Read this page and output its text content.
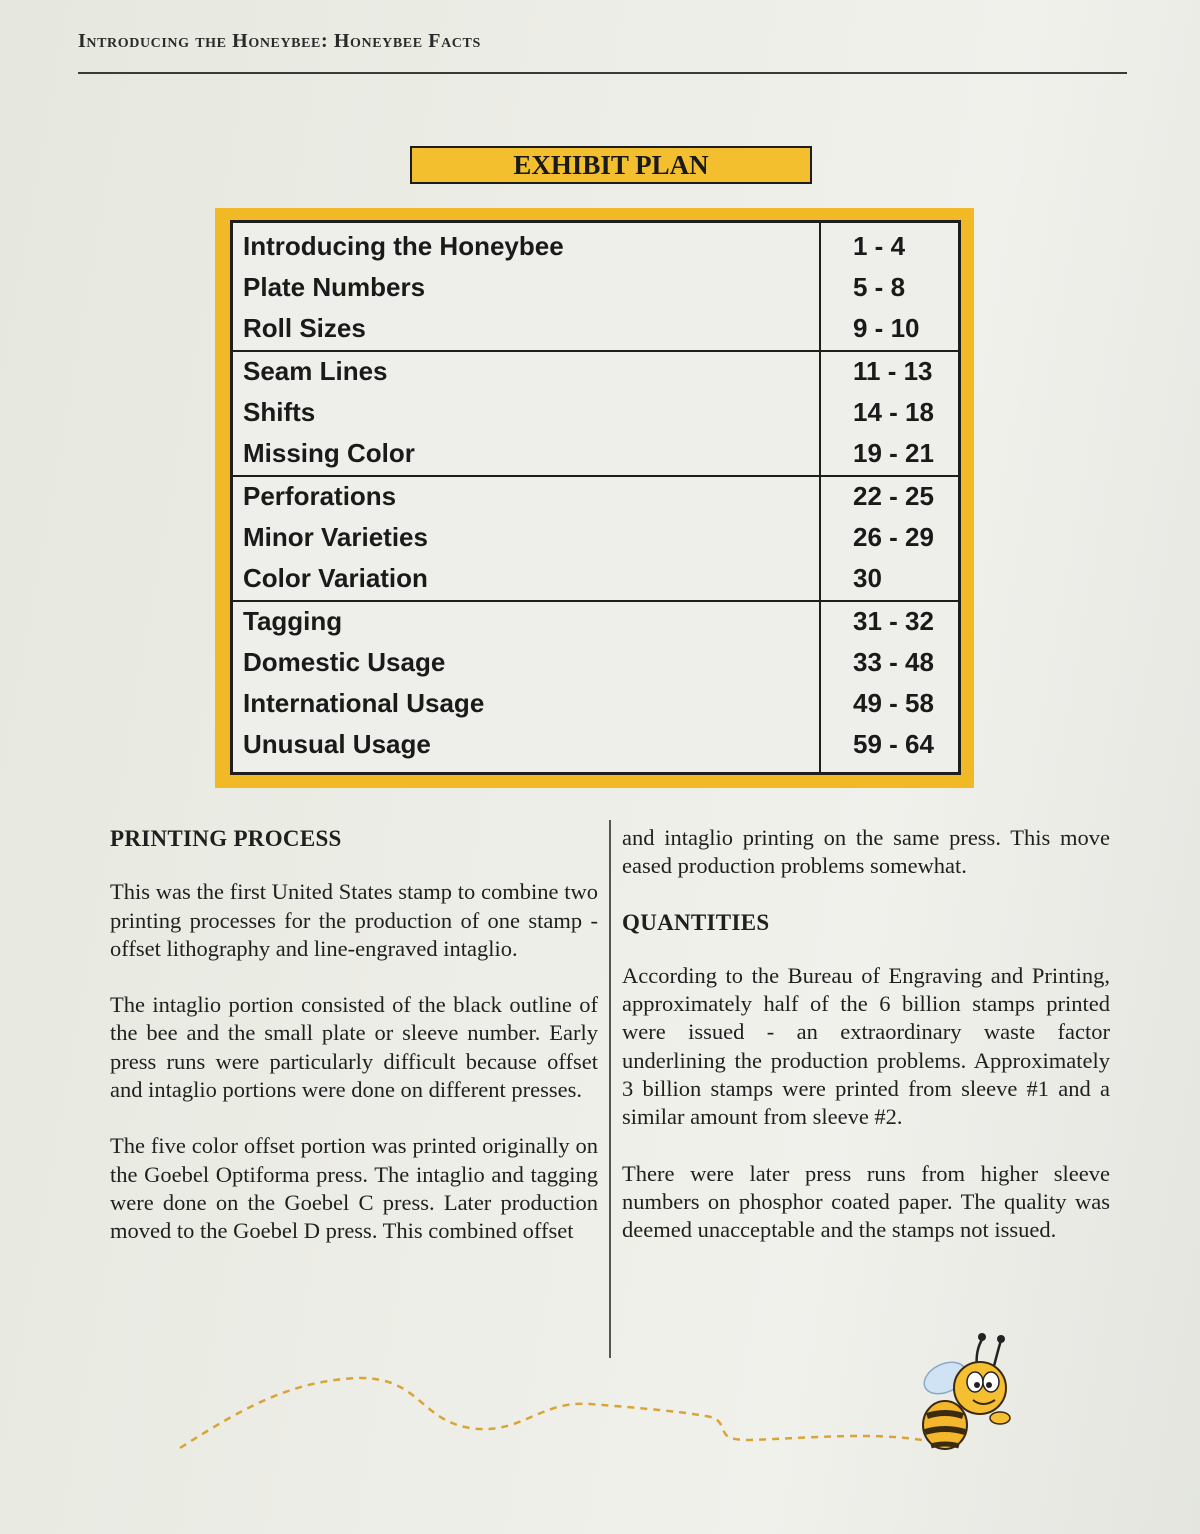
Introducing the Honeybee: Honeybee Facts
EXHIBIT PLAN
Introducing the Honeybee	1 - 4
Plate Numbers	5 - 8
Roll Sizes	9 - 10
Seam Lines	11 - 13
Shifts	14 - 18
Missing Color	19 - 21
Perforations	22 - 25
Minor Varieties	26 - 29
Color Variation	30
Tagging	31 - 32
Domestic Usage	33 - 48
International Usage	49 - 58
Unusual Usage	59 - 64
PRINTING PROCESS

This was the first United States stamp to combine two printing processes for the production of one stamp - offset lithography and line-engraved intaglio.

The intaglio portion consisted of the black outline of the bee and the small plate or sleeve number. Early press runs were particularly difficult because offset and intaglio portions were done on different presses.

The five color offset portion was printed originally on the Goebel Optiforma press. The intaglio and tagging were done on the Goebel C press. Later production moved to the Goebel D press. This combined offset

and intaglio printing on the same press. This move eased production problems somewhat.

QUANTITIES

According to the Bureau of Engraving and Printing, approximately half of the 6 billion stamps printed were issued - an extraordinary waste factor underlining the production problems. Approximately 3 billion stamps were printed from sleeve #1 and a similar amount from sleeve #2.

There were later press runs from higher sleeve numbers on phosphor coated paper. The quality was deemed unacceptable and the stamps not issued.
